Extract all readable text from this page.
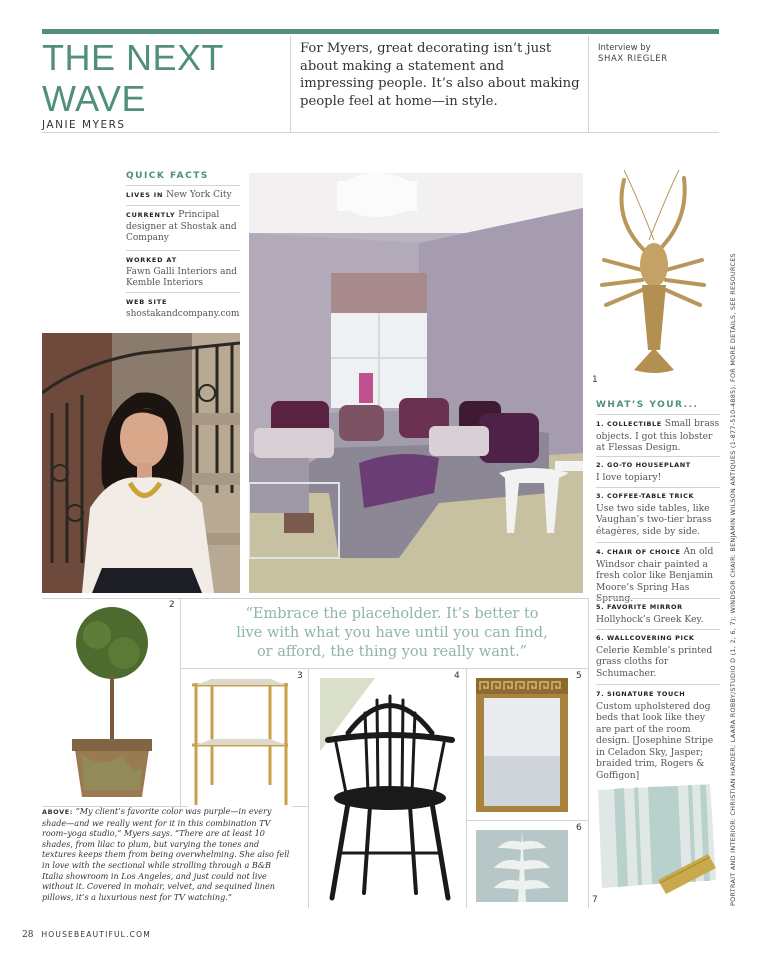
THE NEXT
WAVE
JANIE MYERS
For Myers, great decorating isn’t just about making a statement and impressing people. It’s also about making people feel at home—in style.
Interview by
SHAX RIEGLER
QUICK FACTS
LIVES IN New York City
CURRENTLY Principal designer at Shostak and Company
WORKED AT
Fawn Galli Interiors and Kemble Interiors
WEB SITE
shostakandcompany.com
WHAT’S YOUR...
1. COLLECTIBLE Small brass objects. I got this lobster at Flessas Design.
2. GO-TO HOUSEPLANT
I love topiary!
3. COFFEE-TABLE TRICK
Use two side tables, like Vaughan’s two-tier brass étagères, side by side.
4. CHAIR OF CHOICE An old Windsor chair painted a fresh color like Benjamin Moore’s Spring Has
5. FAVORITE MIRROR
Hollyhock’s Greek Key.
6. WALLCOVERING PICK
Celerie Kemble’s printed grass cloths for Schumacher.
7. SIGNATURE TOUCH Custom upholstered dog beds that look like they are part of the room design. [Josephine Stripe in Celadon Sky, Jasper; braided trim, Rogers & Goffigon]
“Embrace the placeholder. It’s better to live with what you have until you can find, or afford, the thing you really want.”
1
2
3	4	5
6
7
ABOVE: “My client’s favorite color was purple—in every shade—and we really went for it in this combination TV room–yoga studio,” Myers says. “There are at least 10 shades, from lilac to plum, but varying the tones and textures keeps them from being overwhelming. She also fell in love with the sectional while strolling through a B&B Italia showroom in Los Angeles, and just could not live without it. Covered in mohair, velvet, and sequined linen pillows, it’s a luxurious nest for TV watching.”
28 HOUSEBEAUTIFUL.COM
PORTRAIT AND INTERIOR: CHRISTIAN HARDER; LAARA ROBBY/STUDIO D (1, 2, 6, 7); WINDSOR CHAIR: BENJAMIN WILSON ANTIQUES (1-877-510-4885). FOR MORE DETAILS, SEE RESOURCES
